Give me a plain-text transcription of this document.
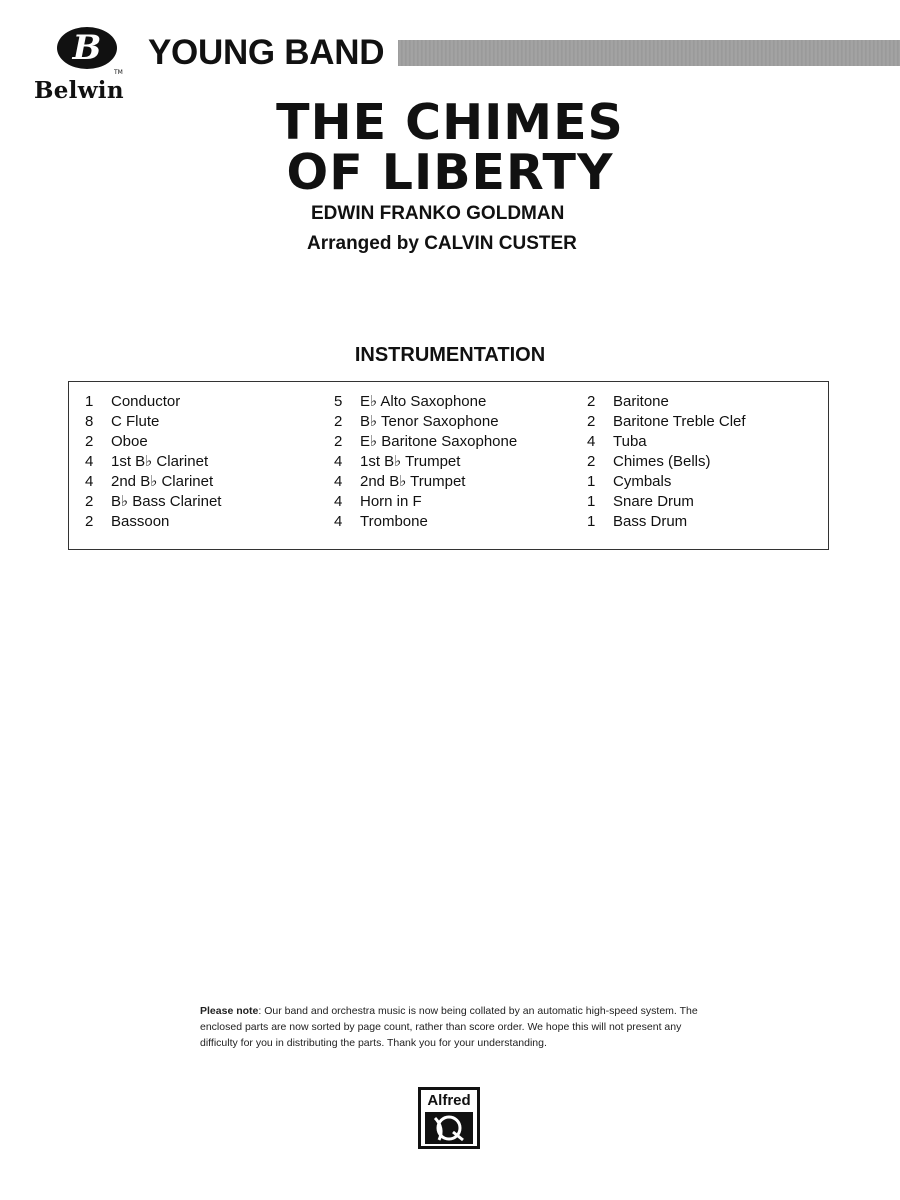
B
TM
Belwin
YOUNG BAND
THE CHIMES
OF LIBERTY
EDWIN FRANKO GOLDMAN
Arranged by CALVIN CUSTER
INSTRUMENTATION
1 Conductor
8 C Flute
2 Oboe
4 1st B♭ Clarinet
4 2nd B♭ Clarinet
2 B♭ Bass Clarinet
2 Bassoon
5 E♭ Alto Saxophone
2 B♭ Tenor Saxophone
2 E♭ Baritone Saxophone
4 1st B♭ Trumpet
4 2nd B♭ Trumpet
4 Horn in F
4 Trombone
2 Baritone
2 Baritone Treble Clef
4 Tuba
2 Chimes (Bells)
1 Cymbals
1 Snare Drum
1 Bass Drum
Please note: Our band and orchestra music is now being collated by an automatic high-speed system. The enclosed parts are now sorted by page count, rather than score order. We hope this will not present any difficulty for you in distributing the parts. Thank you for your understanding.
Alfred
